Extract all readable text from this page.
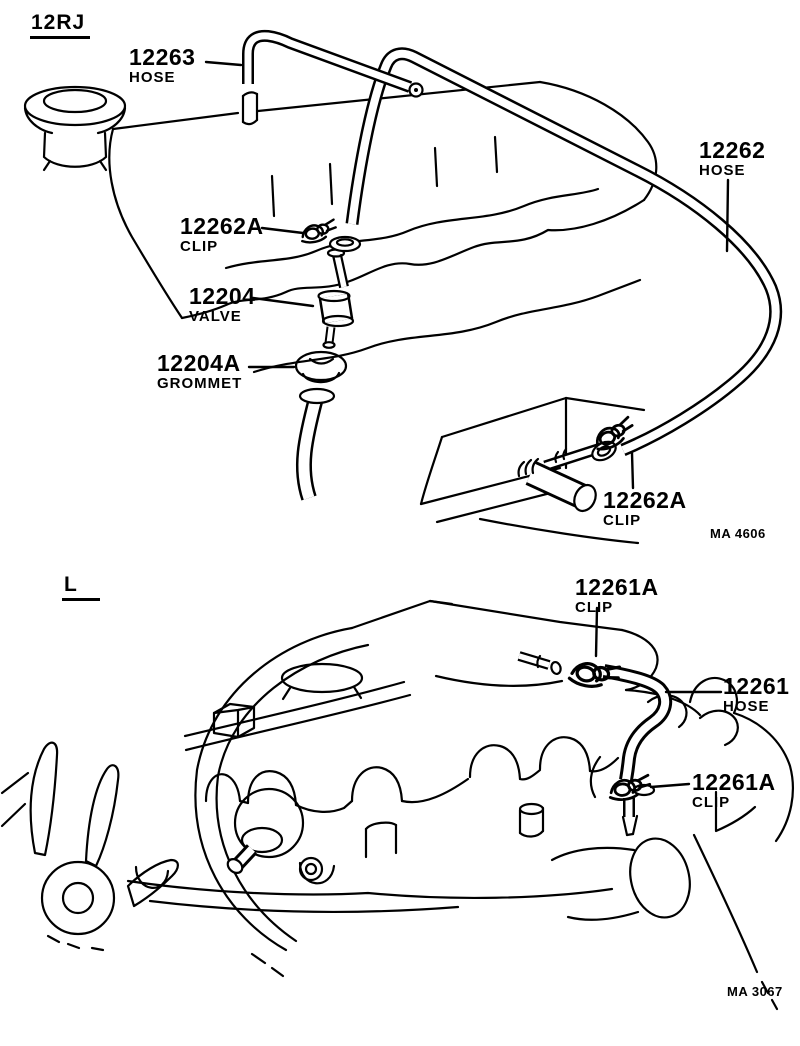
12RJ
L
12263
HOSE
12262
HOSE
12262A
CLIP
12204
VALVE
12204A
GROMMET
12262A
CLIP
MA 4606
12261A
CLIP
12261
HOSE
12261A
CLIP
MA 3067
